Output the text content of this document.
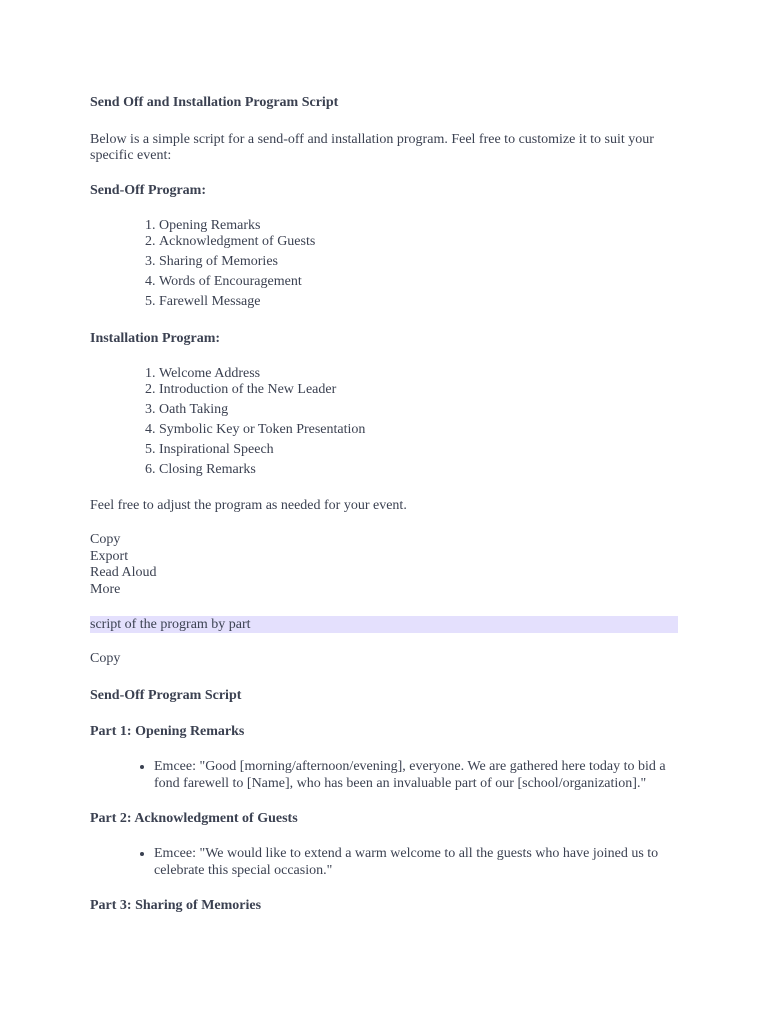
Send Off and Installation Program Script

Below is a simple script for a send-off and installation program. Feel free to customize it to suit your specific event:

Send-Off Program:
1. Opening Remarks
2. Acknowledgment of Guests
3. Sharing of Memories
4. Words of Encouragement
5. Farewell Message
Installation Program:
1. Welcome Address
2. Introduction of the New Leader
3. Oath Taking
4. Symbolic Key or Token Presentation
5. Inspirational Speech
6. Closing Remarks

Feel free to adjust the program as needed for your event.

Copy
Export
Read Aloud
More
script of the program by part
Copy
Send-Off Program Script
Part 1: Opening Remarks
• Emcee: "Good [morning/afternoon/evening], everyone. We are gathered here today to bid a fond farewell to [Name], who has been an invaluable part of our [school/organization]."
Part 2: Acknowledgment of Guests
• Emcee: "We would like to extend a warm welcome to all the guests who have joined us to celebrate this special occasion."
Part 3: Sharing of Memories
